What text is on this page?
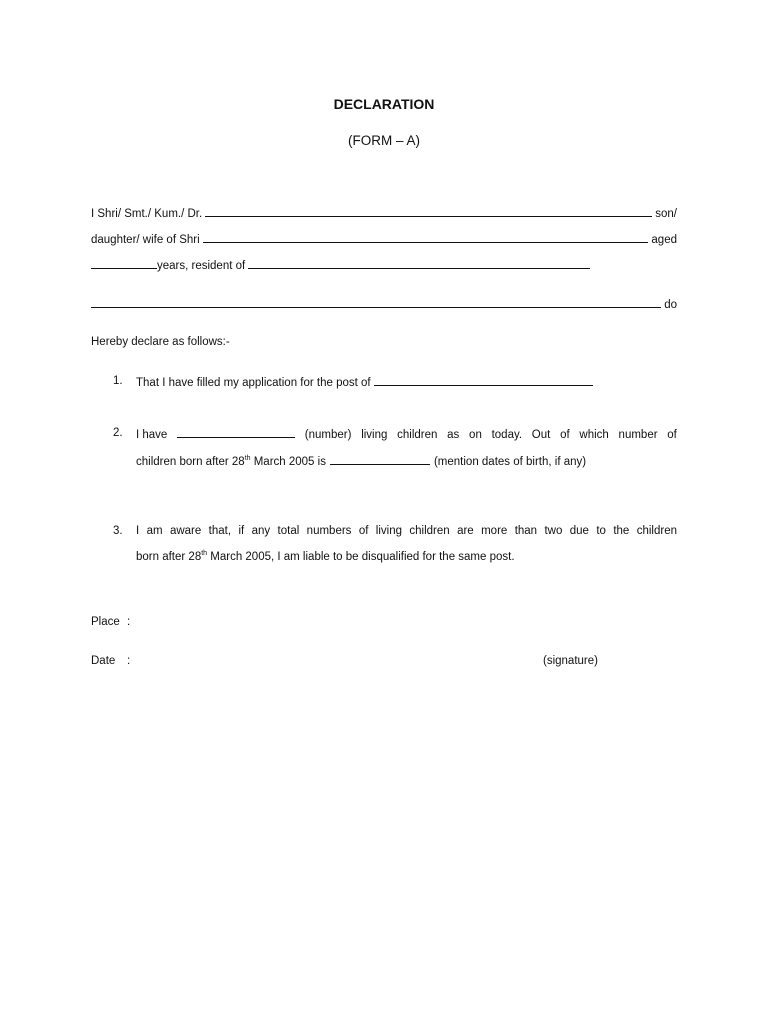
DECLARATION
(FORM – A)
I Shri/ Smt./ Kum./ Dr.	son/
daughter/ wife of Shri	aged
years, resident of
do
Hereby declare as follows:-
1. That I have filled my application for the post of
2. I have	(number) living children as on today. Out of which number of
children born after 28th March 2005 is	(mention dates of birth, if any)
3. I am aware that, if any total numbers of living children are more than two due to the children
born after 28th March 2005, I am liable to be disqualified for the same post.
Place :
Date :	(signature)
